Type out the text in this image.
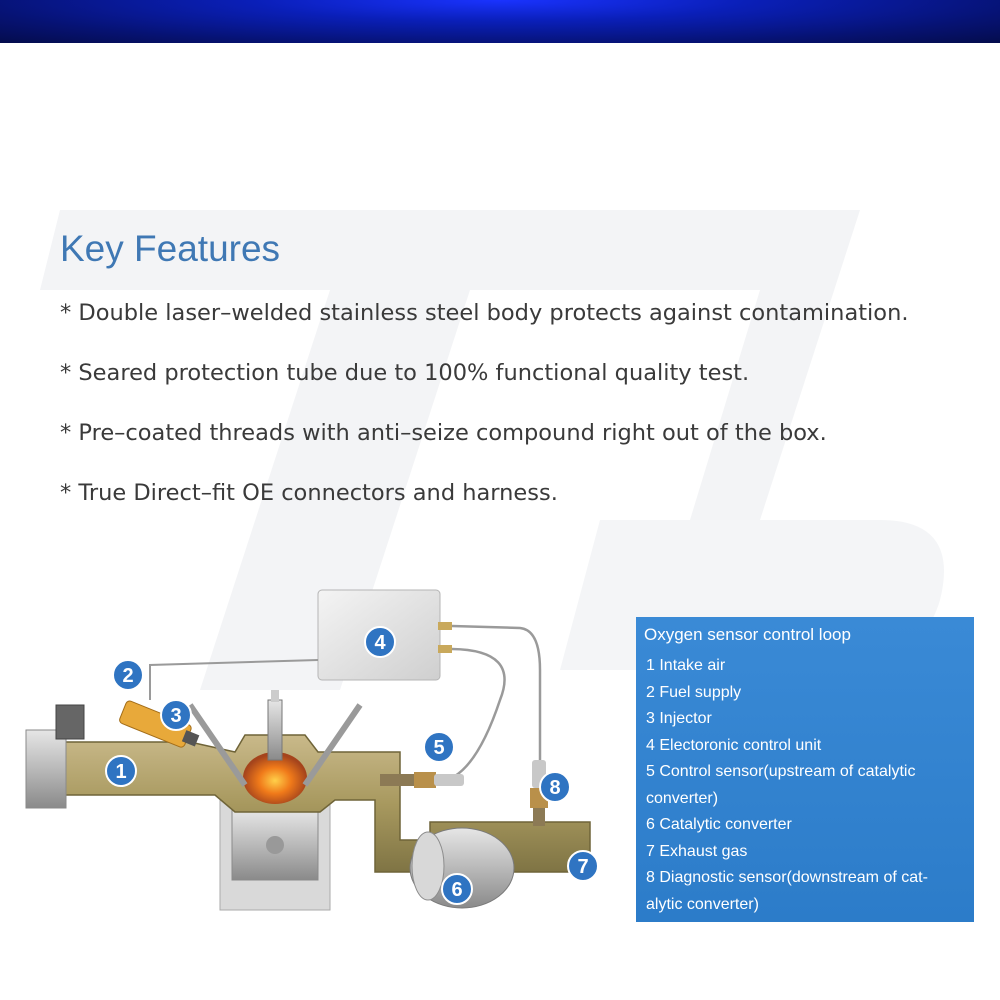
Key Features
* Double laser–welded stainless steel body protects against contamination.
* Seared protection tube due to 100% functional quality test.
* Pre–coated threads with anti–seize compound right out of the box.
* True Direct–fit OE connectors and harness.
1
2
3
4
5
6
7
8
Oxygen sensor control loop
1 Intake air
2 Fuel supply
3 Injector
4 Electoronic control unit
5 Control sensor(upstream of catalytic
converter)
6 Catalytic converter
7 Exhaust gas
8 Diagnostic sensor(downstream of cat-
alytic converter)
